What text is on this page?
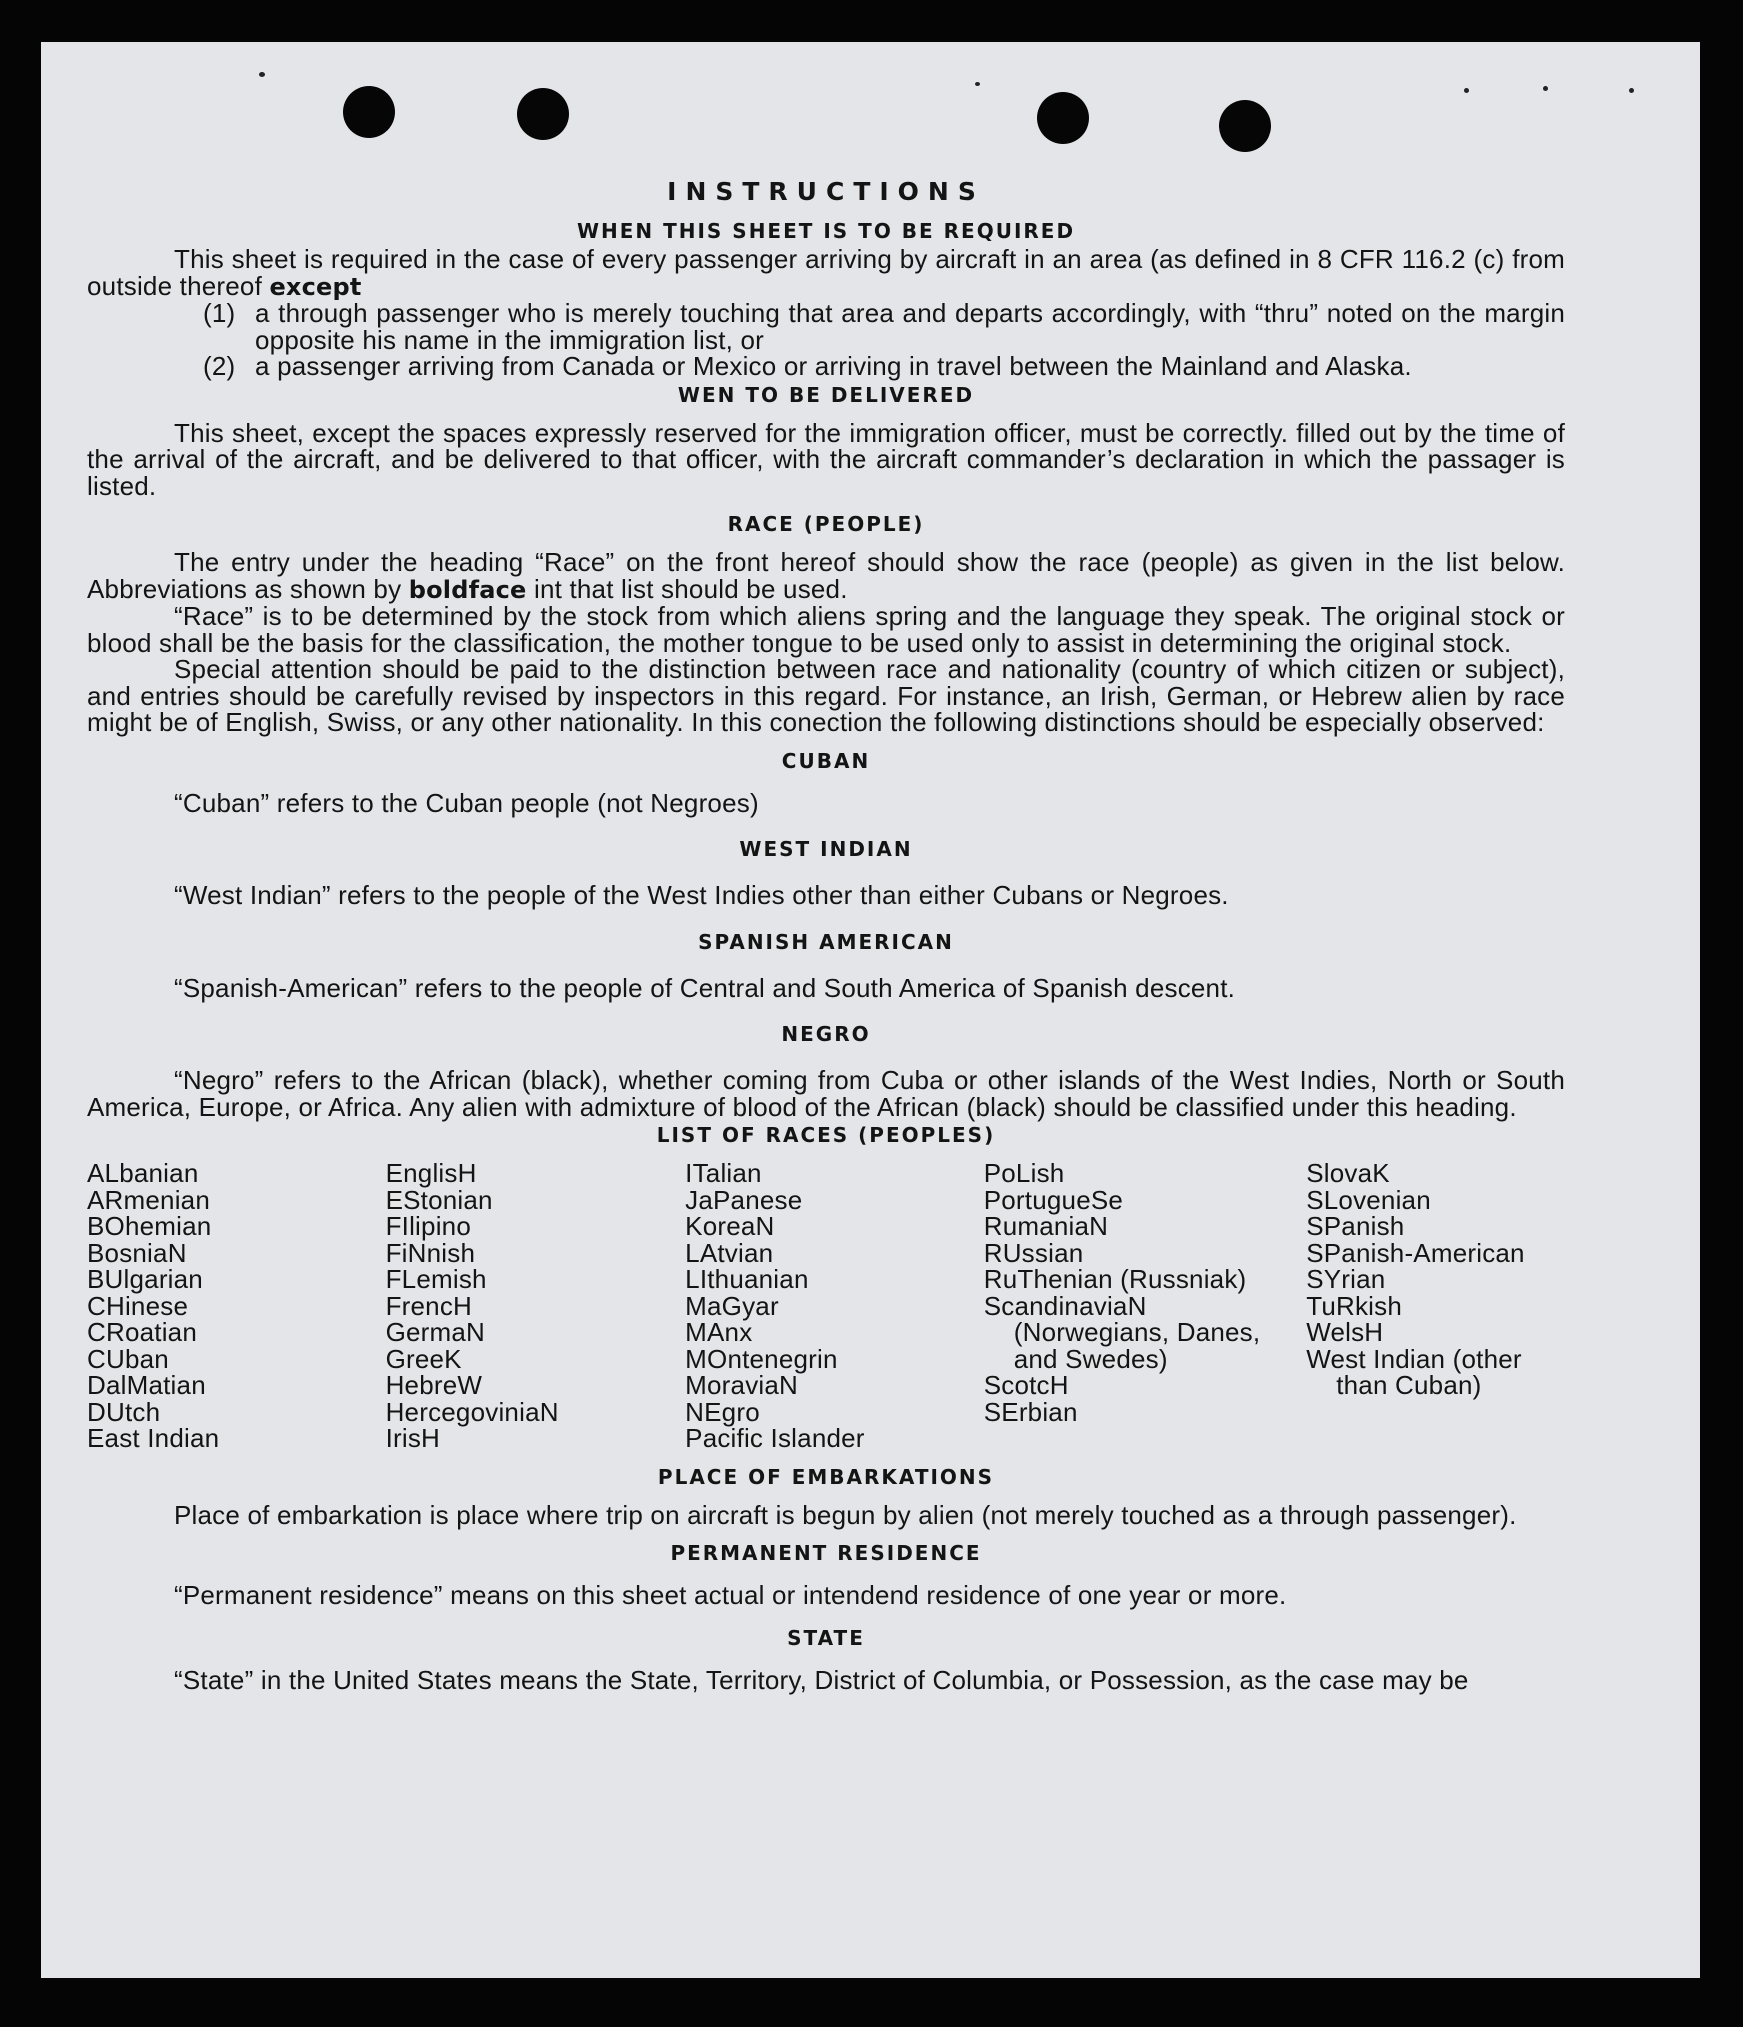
INSTRUCTIONS
WHEN THIS SHEET IS TO BE REQUIRED

This sheet is required in the case of every passenger arriving by aircraft in an area (as defined in 8 CFR 116.2 (c) from outside thereof except

(1) a through passenger who is merely touching that area and departs accordingly, with “thru” noted on the margin opposite his name in the immigration list, or
(2) a passenger arriving from Canada or Mexico or arriving in travel between the Mainland and Alaska.
WEN TO BE DELIVERED

This sheet, except the spaces expressly reserved for the immigration officer, must be correctly. filled out by the time of the arrival of the aircraft, and be delivered to that officer, with the aircraft commander’s declaration in which the passager is listed.

RACE (PEOPLE)

The entry under the heading “Race” on the front hereof should show the race (people) as given in the list below. Abbreviations as shown by boldface int that list should be used.

“Race” is to be determined by the stock from which aliens spring and the language they speak. The original stock or blood shall be the basis for the classification, the mother tongue to be used only to assist in determining the original stock.

Special attention should be paid to the distinction between race and nationality (country of which citizen or subject), and entries should be carefully revised by inspectors in this regard. For instance, an Irish, German, or Hebrew alien by race might be of English, Swiss, or any other nationality. In this conection the following distinctions should be especially observed:

CUBAN

“Cuban” refers to the Cuban people (not Negroes)

WEST INDIAN

“West Indian” refers to the people of the West Indies other than either Cubans or Negroes.

SPANISH AMERICAN

“Spanish-American” refers to the people of Central and South America of Spanish descent.

NEGRO

“Negro” refers to the African (black), whether coming from Cuba or other islands of the West Indies, North or South America, Europe, or Africa. Any alien with admixture of blood of the African (black) should be classified under this heading.

LIST OF RACES (PEOPLES)
ALbanian
ARmenian
BOhemian
BosniaN
BUlgarian
CHinese
CRoatian
CUban
DalMatian
DUtch
East Indian
EnglisH
EStonian
FIlipino
FiNnish
FLemish
FrencH
GermaN
GreeK
HebreW
HercegoviniaN
IrisH
ITalian
JaPanese
KoreaN
LAtvian
LIthuanian
MaGyar
MAnx
MOntenegrin
MoraviaN
NEgro
Pacific Islander
PoLish
PortugueSe
RumaniaN
RUssian
RuThenian (Russniak)
ScandinaviaN (Norwegians, Danes, and Swedes)
ScotcH
SErbian
SlovaK
SLovenian
SPanish
SPanish-American
SYrian
TuRkish
WelsH
West Indian (other than Cuban)
PLACE OF EMBARKATIONS

Place of embarkation is place where trip on aircraft is begun by alien (not merely touched as a through passenger).

PERMANENT RESIDENCE

“Permanent residence” means on this sheet actual or intendend residence of one year or more.

STATE

“State” in the United States means the State, Territory, District of Columbia, or Possession, as the case may be
